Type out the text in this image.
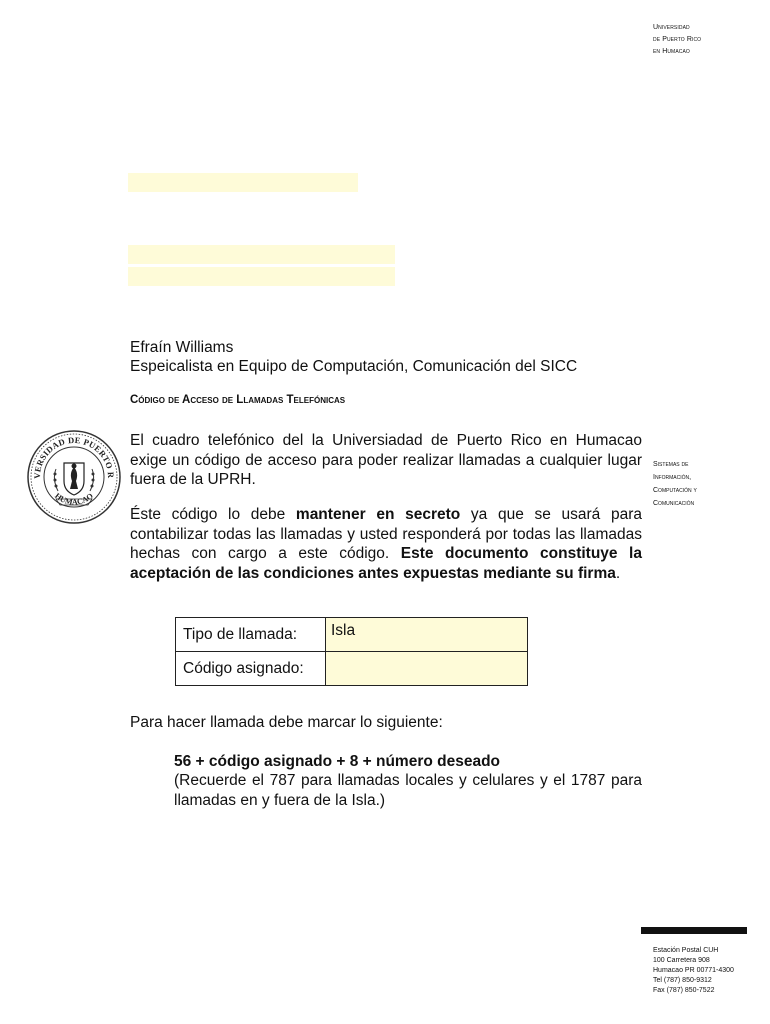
Universidad
de Puerto Rico
en Humacao
Efraín Williams
Espeicalista en Equipo de Computación, Comunicación del SICC
Código de Acceso de Llamadas Telefónicas
VERSIDAD DE PUERTO R
HUMACAO
El cuadro telefónico del la Universiadad de Puerto Rico en Humacao exige un código de acceso para poder realizar llamadas a cualquier lugar fuera de la UPRH.
Sistemas de
Información,
Computación y
Comunicación
Éste código lo debe mantener en secreto ya que se usará para contabilizar todas las llamadas y usted responderá por todas las llamadas hechas con cargo a este código. Este documento constituye la aceptación de las condiciones antes expuestas mediante su firma.
Tipo de llamada:	Isla
Código asignado:	
Para hacer llamada debe marcar lo siguiente:
56 + código asignado + 8 + número deseado
(Recuerde el 787 para llamadas locales y celulares y el 1787 para llamadas en y fuera de la Isla.)
Estación Postal CUH
100 Carretera 908
Humacao PR 00771-4300
Tel (787) 850-9312
Fax (787) 850-7522
